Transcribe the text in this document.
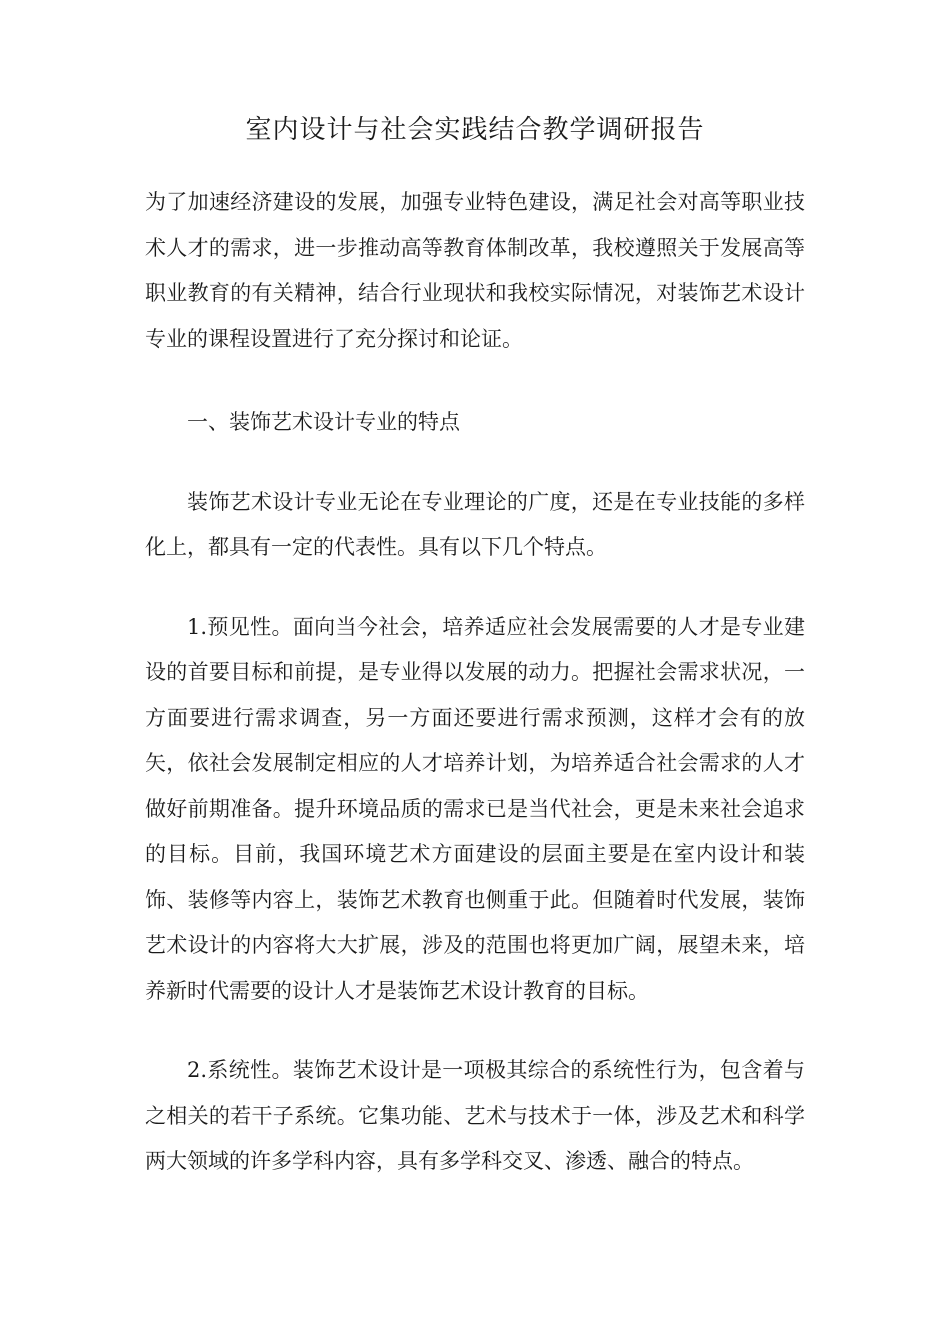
室内设计与社会实践结合教学调研报告

为了加速经济建设的发展，加强专业特色建设，满足社会对高等职业技术人才的需求，进一步推动高等教育体制改革，我校遵照关于发展高等职业教育的有关精神，结合行业现状和我校实际情况，对装饰艺术设计专业的课程设置进行了充分探讨和论证。

一、装饰艺术设计专业的特点

装饰艺术设计专业无论在专业理论的广度，还是在专业技能的多样化上，都具有一定的代表性。具有以下几个特点。

1.预见性。面向当今社会，培养适应社会发展需要的人才是专业建设的首要目标和前提，是专业得以发展的动力。把握社会需求状况，一方面要进行需求调查，另一方面还要进行需求预测，这样才会有的放矢，依社会发展制定相应的人才培养计划，为培养适合社会需求的人才做好前期准备。提升环境品质的需求已是当代社会，更是未来社会追求的目标。目前，我国环境艺术方面建设的层面主要是在室内设计和装饰、装修等内容上，装饰艺术教育也侧重于此。但随着时代发展，装饰艺术设计的内容将大大扩展，涉及的范围也将更加广阔，展望未来，培养新时代需要的设计人才是装饰艺术设计教育的目标。

2.系统性。装饰艺术设计是一项极其综合的系统性行为，包含着与之相关的若干子系统。它集功能、艺术与技术于一体，涉及艺术和科学两大领域的许多学科内容，具有多学科交叉、渗透、融合的特点。
